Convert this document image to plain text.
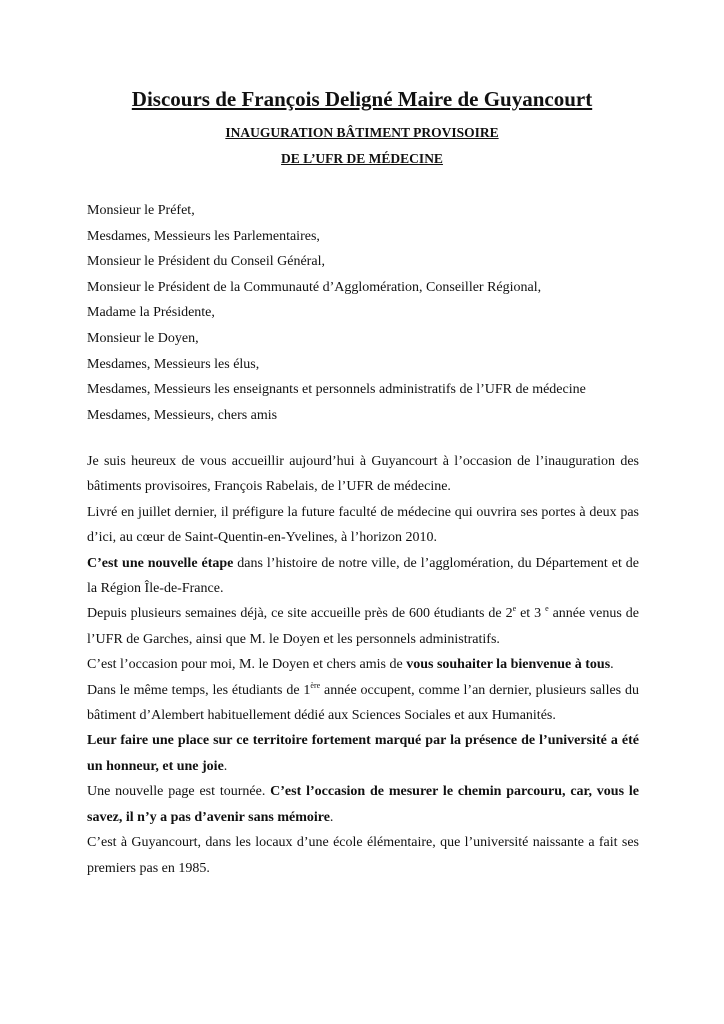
Discours de François Deligné Maire de Guyancourt
INAUGURATION BÂTIMENT PROVISOIRE
DE L’UFR DE MÉDECINE
Monsieur le Préfet,
Mesdames, Messieurs les Parlementaires,
Monsieur le Président du Conseil Général,
Monsieur le Président de la Communauté d’Agglomération, Conseiller Régional,
Madame la Présidente,
Monsieur le Doyen,
Mesdames, Messieurs les élus,
Mesdames, Messieurs les enseignants et personnels administratifs de l’UFR de médecine
Mesdames, Messieurs, chers amis

Je suis heureux de vous accueillir aujourd’hui à Guyancourt à l’occasion de l’inauguration des bâtiments provisoires, François Rabelais, de l’UFR de médecine.

Livré en juillet dernier, il préfigure la future faculté de médecine qui ouvrira ses portes à deux pas d’ici, au cœur de Saint-Quentin-en-Yvelines, à l’horizon 2010.

C’est une nouvelle étape dans l’histoire de notre ville, de l’agglomération, du Département et de la Région Île-de-France.

Depuis plusieurs semaines déjà, ce site accueille près de 600 étudiants de 2e et 3 $^e$ année venus de l’UFR de Garches, ainsi que M. le Doyen et les personnels administratifs.

C’est l’occasion pour moi, M. le Doyen et chers amis de vous souhaiter la bienvenue à tous.

Dans le même temps, les étudiants de 1ère année occupent, comme l’an dernier, plusieurs salles du bâtiment d’Alembert habituellement dédié aux Sciences Sociales et aux Humanités.

Leur faire une place sur ce territoire fortement marqué par la présence de l’université a été un honneur, et une joie.

Une nouvelle page est tournée. C’est l’occasion de mesurer le chemin parcouru, car, vous le savez, il n’y a pas d’avenir sans mémoire.

C’est à Guyancourt, dans les locaux d’une école élémentaire, que l’université naissante a fait ses premiers pas en 1985.
